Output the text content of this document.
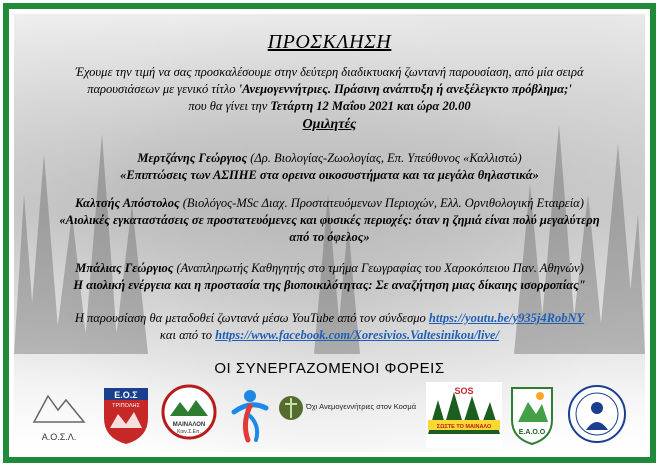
ΠΡΟΣΚΛΗΣΗ
Έχουμε την τιμή να σας προσκαλέσουμε στην δεύτερη διαδικτυακή ζωντανή παρουσίαση, από μία σειρά
παρουσιάσεων με γενικό τίτλο 'Ανεμογεννήτριες. Πράσινη ανάπτυξη ή ανεξέλεγκτο πρόβλημα;'
που θα γίνει την Τετάρτη 12 Μαΐου 2021 και ώρα 20.00
Ομιλητές
Μερτζάνης Γεώργιος (Δρ. Βιολογίας-Ζωολογίας, Επ. Υπεύθυνος «Καλλιστώ)
«Επιπτώσεις των ΑΣΠΗΕ στα ορεινα οικοσυστήματα και τα μεγάλα θηλαστικά»
Καλτσής Απόστολος (Βιολόγος-MSc Διαχ. Προστατευόμενων Περιοχών, Ελλ. Ορνιθολογική Εταιρεία)
«Αιολικές εγκαταστάσεις σε προστατευόμενες και φυσικές περιοχές: όταν η ζημιά είναι πολύ μεγαλύτερη
από το όφελος»
Μπάλιας Γεώργιος (Αναπληρωτής Καθηγητής στο τμήμα Γεωγραφίας του Χαροκόπειου Παν. Αθηνών)
Η αιολική ενέργεια και η προστασία της βιοποικιλότητας: Σε αναζήτηση μιας δίκαιης ισορροπίας"
Η παρουσίαση θα μεταδοθεί ζωντανά μέσω YouTube από τον σύνδεσμο https://youtu.be/y935j4RobNY
και από το https://www.facebook.com/Xoresivios.Valtesinikou/live/
ΟΙ ΣΥΝΕΡΓΑΖΟΜΕΝΟΙ ΦΟΡΕΙΣ
Α.Ο.Σ.Λ.
Ε.Ο.Σ
ΤΡΙΠΟΛΗΣ
ΜΑΙΝΑΛΟΝ
Κοιν.Σ.Επ.
Όχι Ανεμογεννήτριες στον Κοσμά
SOS
ΣΩΣΤΕ ΤΟ ΜΑΙΝΑΛΟ
Ε.Α.Ο.Ο
